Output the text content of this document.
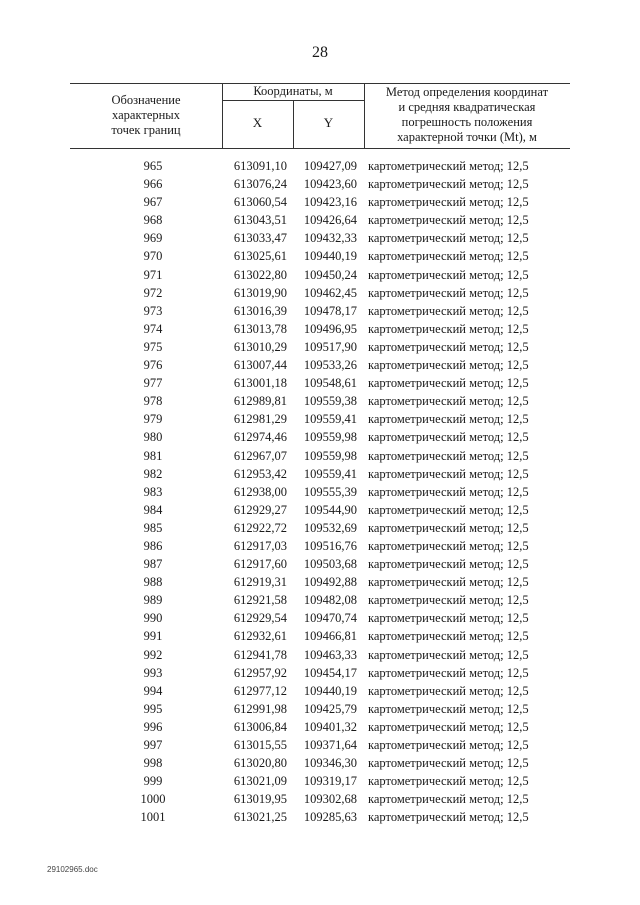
28
Обозначение
характерных
точек границ
Координаты, м
X	Y
Метод определения координат
и средняя квадратическая
погрешность положения
характерной точки (Mt), м
965	613091,10	109427,09 картометрический метод; 12,5
966	613076,24	109423,60 картометрический метод; 12,5
967	613060,54	109423,16 картометрический метод; 12,5
968	613043,51	109426,64 картометрический метод; 12,5
969	613033,47	109432,33 картометрический метод; 12,5
970	613025,61	109440,19 картометрический метод; 12,5
971	613022,80	109450,24 картометрический метод; 12,5
972	613019,90	109462,45 картометрический метод; 12,5
973	613016,39	109478,17 картометрический метод; 12,5
974	613013,78	109496,95 картометрический метод; 12,5
975	613010,29	109517,90 картометрический метод; 12,5
976	613007,44	109533,26 картометрический метод; 12,5
977	613001,18	109548,61 картометрический метод; 12,5
978	612989,81	109559,38 картометрический метод; 12,5
979	612981,29	109559,41 картометрический метод; 12,5
980	612974,46	109559,98 картометрический метод; 12,5
981	612967,07	109559,98 картометрический метод; 12,5
982	612953,42	109559,41 картометрический метод; 12,5
983	612938,00	109555,39 картометрический метод; 12,5
984	612929,27	109544,90 картометрический метод; 12,5
985	612922,72	109532,69 картометрический метод; 12,5
986	612917,03	109516,76 картометрический метод; 12,5
987	612917,60	109503,68 картометрический метод; 12,5
988	612919,31	109492,88 картометрический метод; 12,5
989	612921,58	109482,08 картометрический метод; 12,5
990	612929,54	109470,74 картометрический метод; 12,5
991	612932,61	109466,81 картометрический метод; 12,5
992	612941,78	109463,33 картометрический метод; 12,5
993	612957,92	109454,17 картометрический метод; 12,5
994	612977,12	109440,19 картометрический метод; 12,5
995	612991,98	109425,79 картометрический метод; 12,5
996	613006,84	109401,32 картометрический метод; 12,5
997	613015,55	109371,64 картометрический метод; 12,5
998	613020,80	109346,30 картометрический метод; 12,5
999	613021,09	109319,17 картометрический метод; 12,5
1000	613019,95	109302,68 картометрический метод; 12,5
1001	613021,25	109285,63 картометрический метод; 12,5
29102965.doc
